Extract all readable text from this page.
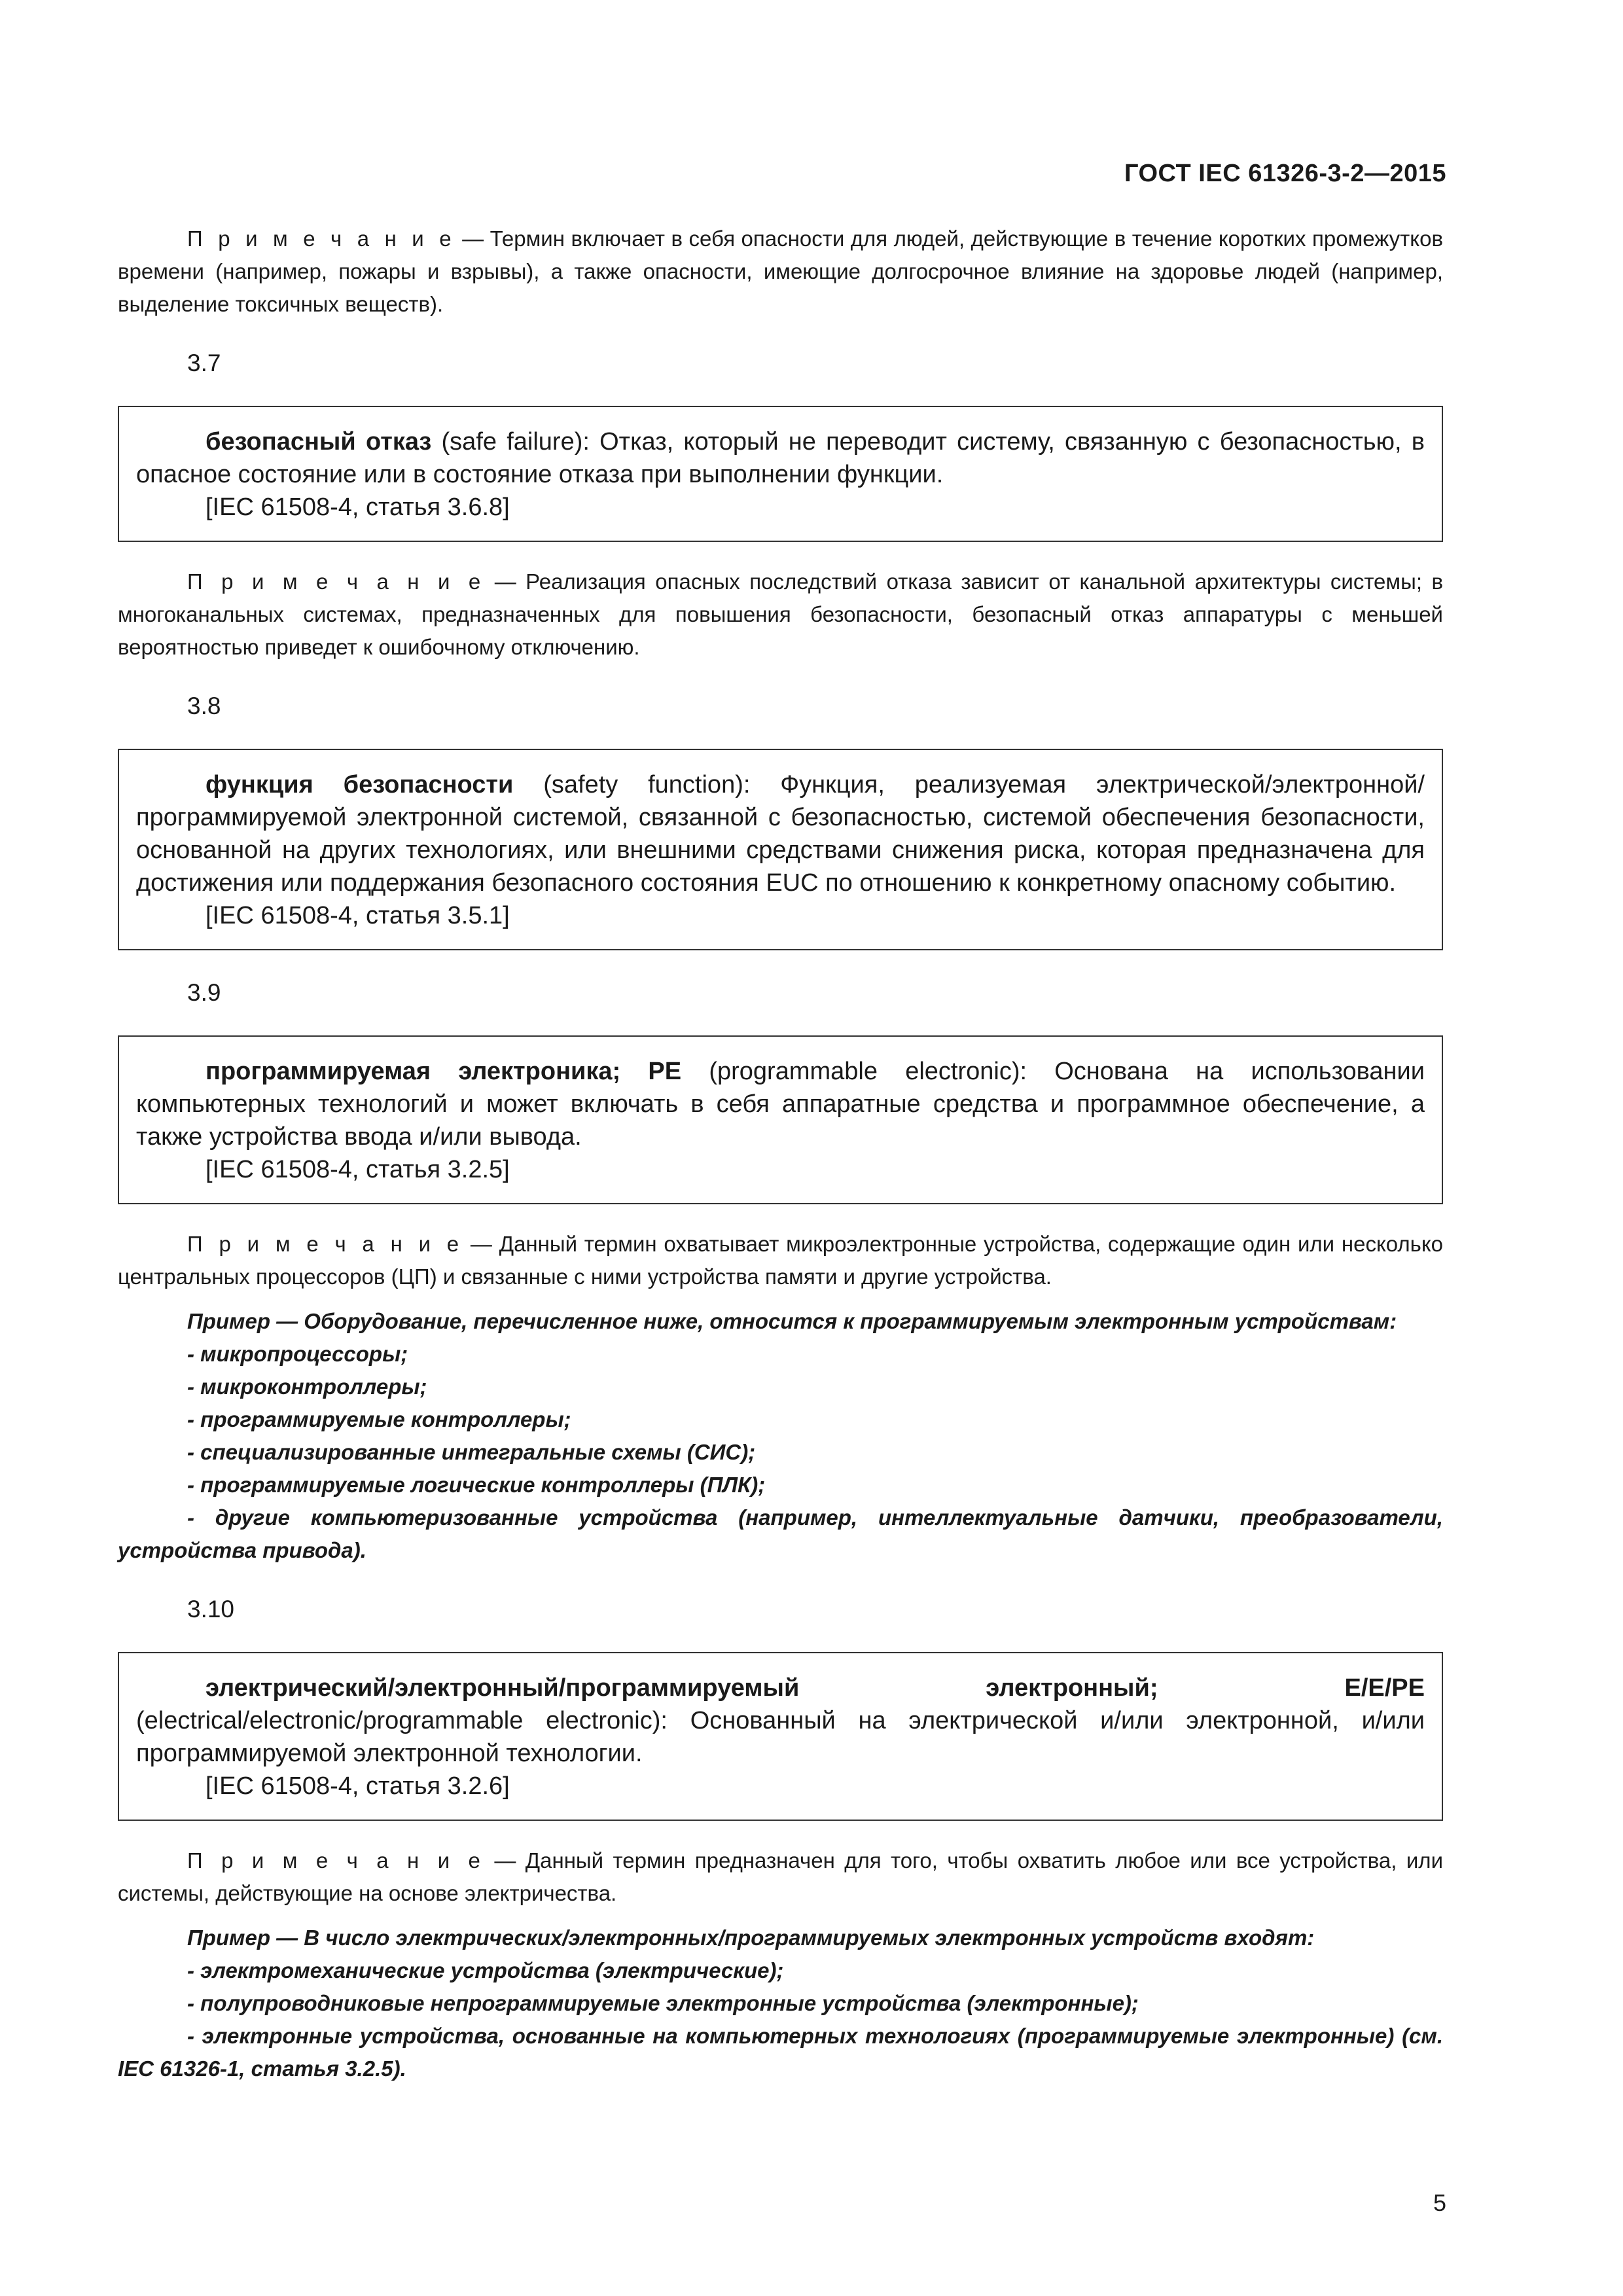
ГОСТ IEC 61326-3-2—2015

П р и м е ч а н и е — Термин включает в себя опасности для людей, действующие в течение коротких промежутков времени (например, пожары и взрывы), а также опасности, имеющие долгосрочное влияние на здоровье людей (например, выделение токсичных веществ).

3.7

безопасный отказ (safe failure): Отказ, который не переводит систему, связанную с безопасностью, в опасное состояние или в состояние отказа при выполнении функции.

[IEC 61508-4, статья 3.6.8]

П р и м е ч а н и е — Реализация опасных последствий отказа зависит от канальной архитектуры системы; в многоканальных системах, предназначенных для повышения безопасности, безопасный отказ аппаратуры с меньшей вероятностью приведет к ошибочному отключению.

3.8

функция безопасности (safety function): Функция, реализуемая электрической/электронной/программируемой электронной системой, связанной с безопасностью, системой обеспечения безопасности, основанной на других технологиях, или внешними средствами снижения риска, которая предназначена для достижения или поддержания безопасного состояния EUC по отношению к конкретному опасному событию.

[IEC 61508-4, статья 3.5.1]

3.9

программируемая электроника; PE (programmable electronic): Основана на использовании компьютерных технологий и может включать в себя аппаратные средства и программное обеспечение, а также устройства ввода и/или вывода.

[IEC 61508-4, статья 3.2.5]

П р и м е ч а н и е — Данный термин охватывает микроэлектронные устройства, содержащие один или несколько центральных процессоров (ЦП) и связанные с ними устройства памяти и другие устройства.

Пример — Оборудование, перечисленное ниже, относится к программируемым электронным устройствам:

- микропроцессоры;

- микроконтроллеры;

- программируемые контроллеры;

- специализированные интегральные схемы (СИС);

- программируемые логические контроллеры (ПЛК);

- другие компьютеризованные устройства (например, интеллектуальные датчики, преобразователи, устройства привода).

3.10

электрический/электронный/программируемый электронный; E/E/PE (electrical/electronic/programmable electronic): Основанный на электрической и/или электронной, и/или программируемой электронной технологии.

[IEC 61508-4, статья 3.2.6]

П р и м е ч а н и е — Данный термин предназначен для того, чтобы охватить любое или все устройства, или системы, действующие на основе электричества.

Пример — В число электрических/электронных/программируемых электронных устройств входят:

- электромеханические устройства (электрические);

- полупроводниковые непрограммируемые электронные устройства (электронные);

- электронные устройства, основанные на компьютерных технологиях (программируемые электронные) (см. IEC 61326-1, статья 3.2.5).

5
